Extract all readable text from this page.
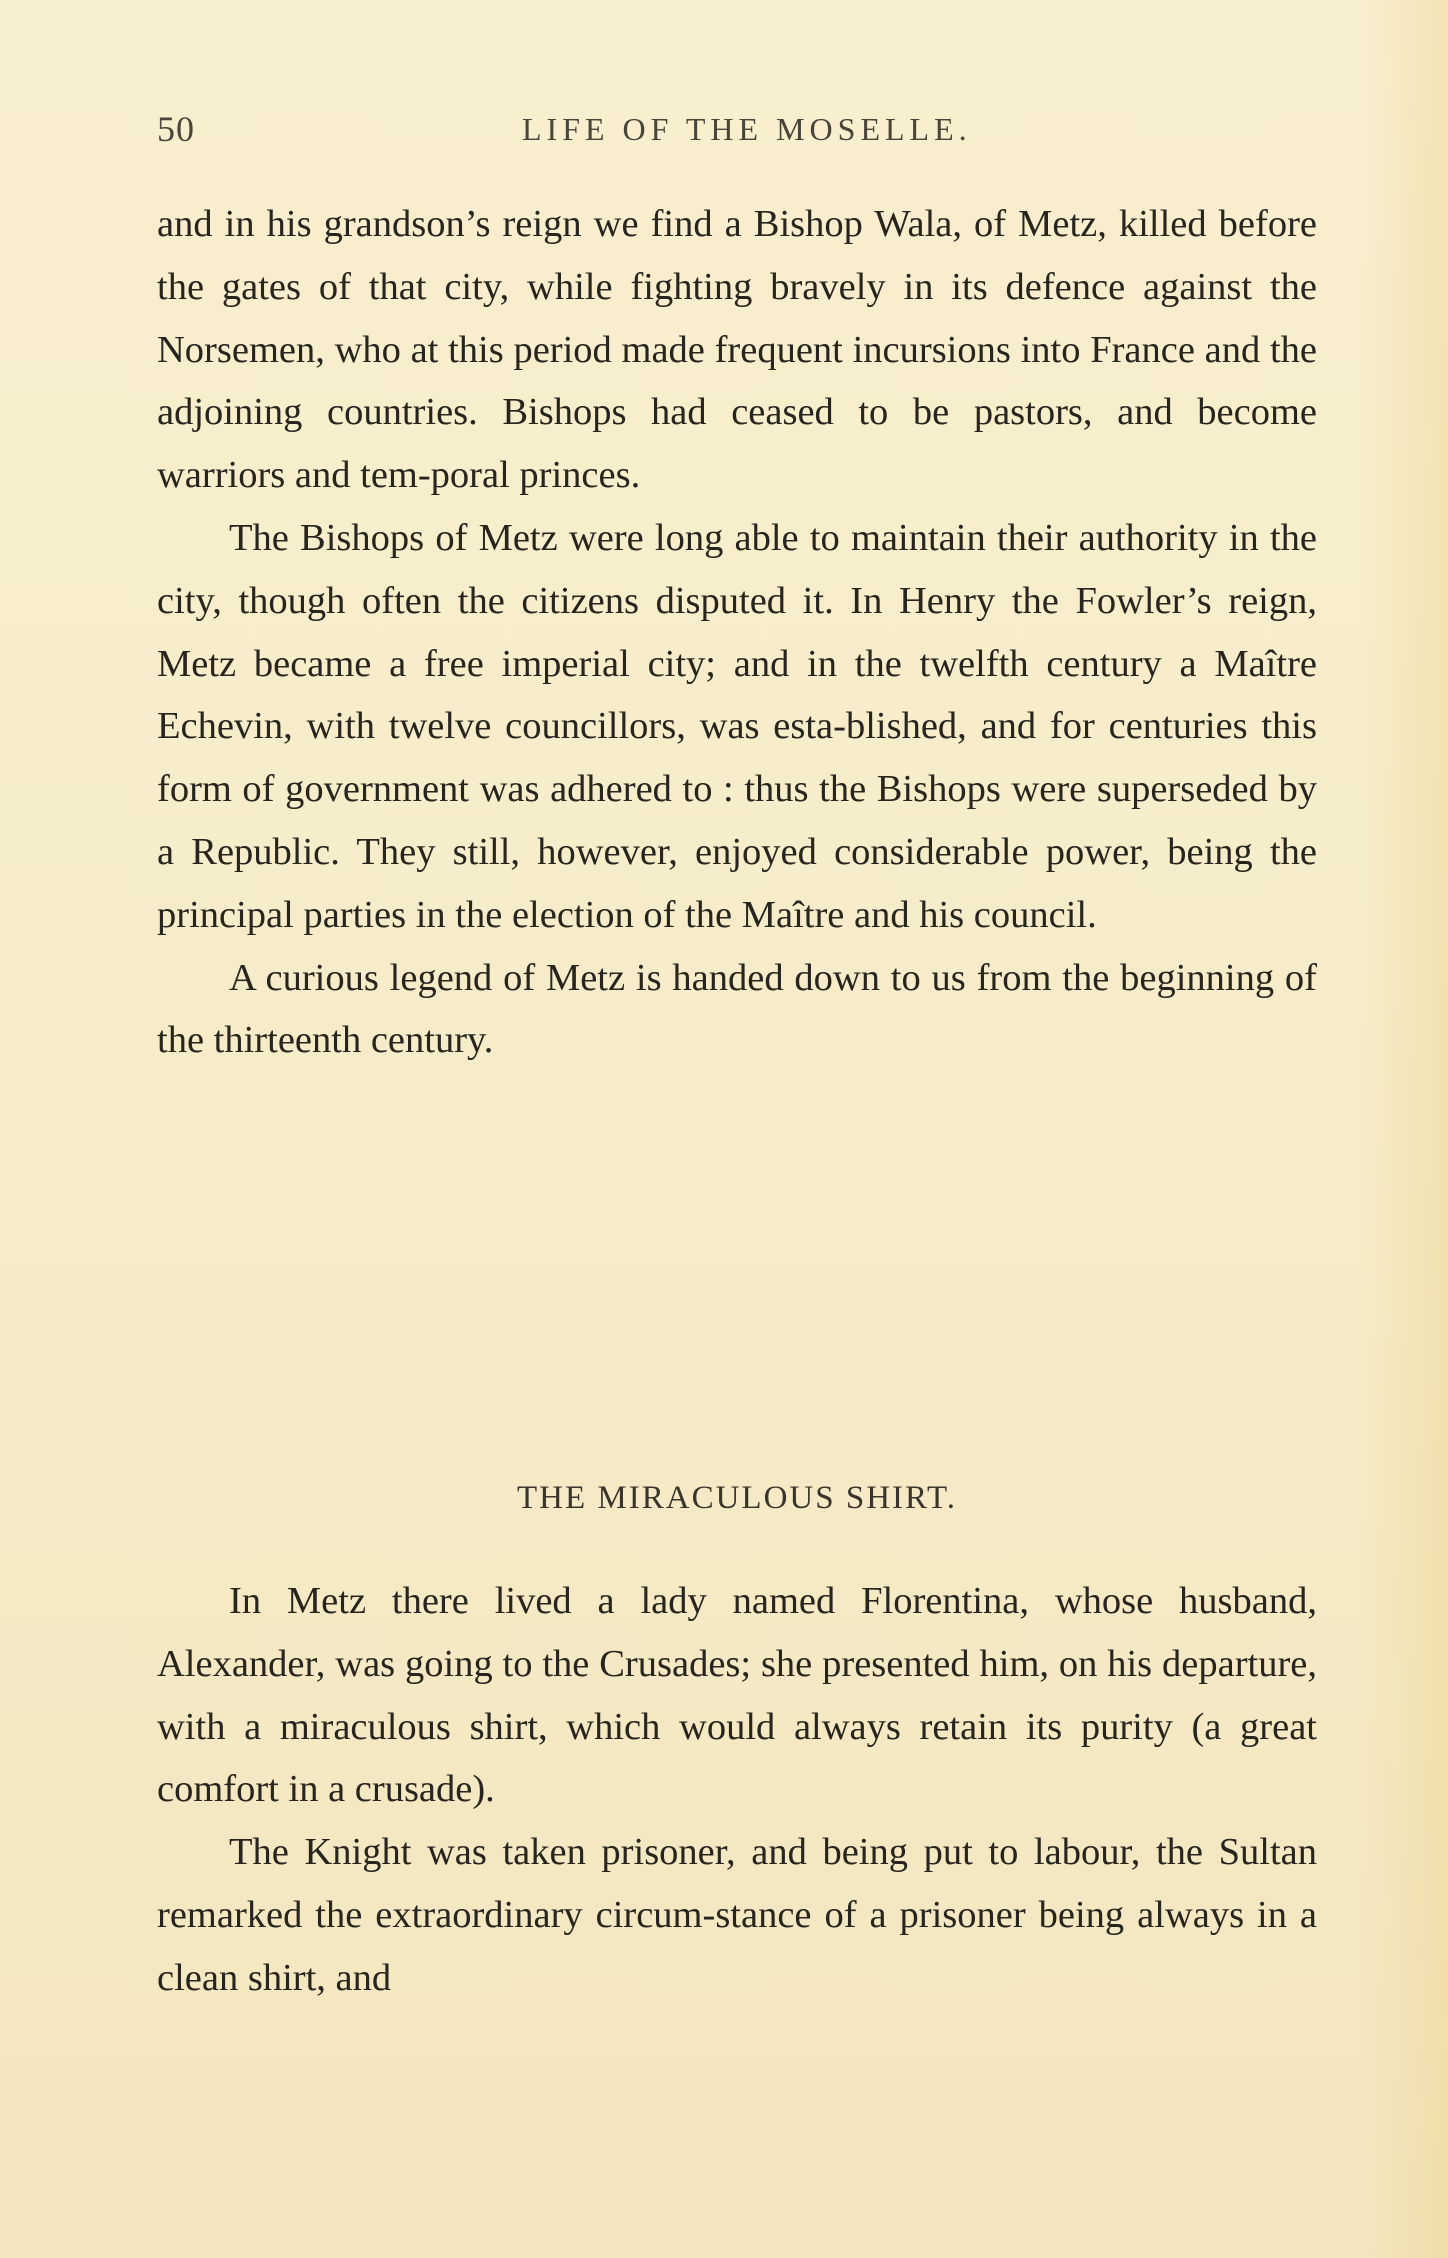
50	LIFE OF THE MOSELLE.

and in his grandson’s reign we find a Bishop Wala, of Metz, killed before the gates of that city, while fighting bravely in its defence against the Norsemen, who at this period made frequent incursions into France and the adjoining countries. Bishops had ceased to be pastors, and become warriors and tem-poral princes.

The Bishops of Metz were long able to maintain their authority in the city, though often the citizens disputed it. In Henry the Fowler’s reign, Metz became a free imperial city; and in the twelfth century a Maître Echevin, with twelve councillors, was esta-blished, and for centuries this form of government was adhered to : thus the Bishops were superseded by a Republic. They still, however, enjoyed considerable power, being the principal parties in the election of the Maître and his council.

A curious legend of Metz is handed down to us from the beginning of the thirteenth century.

THE MIRACULOUS SHIRT.

In Metz there lived a lady named Florentina, whose husband, Alexander, was going to the Crusades; she presented him, on his departure, with a miraculous shirt, which would always retain its purity (a great comfort in a crusade).

The Knight was taken prisoner, and being put to labour, the Sultan remarked the extraordinary circum-stance of a prisoner being always in a clean shirt, and
